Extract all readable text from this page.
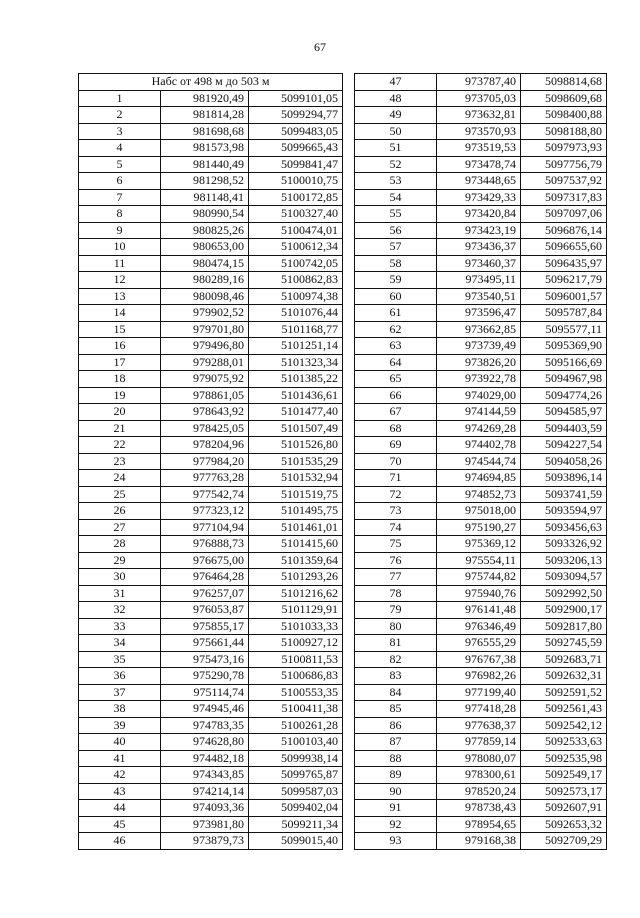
67
Набс от 498 м до 503 м		
1	981920,49	5099101,05
2	981814,28	5099294,77
3	981698,68	5099483,05
4	981573,98	5099665,43
5	981440,49	5099841,47
6	981298,52	5100010,75
7	981148,41	5100172,85
8	980990,54	5100327,40
9	980825,26	5100474,01
10	980653,00	5100612,34
11	980474,15	5100742,05
12	980289,16	5100862,83
13	980098,46	5100974,38
14	979902,52	5101076,44
15	979701,80	5101168,77
16	979496,80	5101251,14
17	979288,01	5101323,34
18	979075,92	5101385,22
19	978861,05	5101436,61
20	978643,92	5101477,40
21	978425,05	5101507,49
22	978204,96	5101526,80
23	977984,20	5101535,29
24	977763,28	5101532,94
25	977542,74	5101519,75
26	977323,12	5101495,75
27	977104,94	5101461,01
28	976888,73	5101415,60
29	976675,00	5101359,64
30	976464,28	5101293,26
31	976257,07	5101216,62
32	976053,87	5101129,91
33	975855,17	5101033,33
34	975661,44	5100927,12
35	975473,16	5100811,53
36	975290,78	5100686,83
37	975114,74	5100553,35
38	974945,46	5100411,38
39	974783,35	5100261,28
40	974628,80	5100103,40
41	974482,18	5099938,14
42	974343,85	5099765,87
43	974214,14	5099587,03
44	974093,36	5099402,04
45	973981,80	5099211,34
46	973879,73	5099015,40
47	973787,40	5098814,68
48	973705,03	5098609,68
49	973632,81	5098400,88
50	973570,93	5098188,80
51	973519,53	5097973,93
52	973478,74	5097756,79
53	973448,65	5097537,92
54	973429,33	5097317,83
55	973420,84	5097097,06
56	973423,19	5096876,14
57	973436,37	5096655,60
58	973460,37	5096435,97
59	973495,11	5096217,79
60	973540,51	5096001,57
61	973596,47	5095787,84
62	973662,85	5095577,11
63	973739,49	5095369,90
64	973826,20	5095166,69
65	973922,78	5094967,98
66	974029,00	5094774,26
67	974144,59	5094585,97
68	974269,28	5094403,59
69	974402,78	5094227,54
70	974544,74	5094058,26
71	974694,85	5093896,14
72	974852,73	5093741,59
73	975018,00	5093594,97
74	975190,27	5093456,63
75	975369,12	5093326,92
76	975554,11	5093206,13
77	975744,82	5093094,57
78	975940,76	5092992,50
79	976141,48	5092900,17
80	976346,49	5092817,80
81	976555,29	5092745,59
82	976767,38	5092683,71
83	976982,26	5092632,31
84	977199,40	5092591,52
85	977418,28	5092561,43
86	977638,37	5092542,12
87	977859,14	5092533,63
88	978080,07	5092535,98
89	978300,61	5092549,17
90	978520,24	5092573,17
91	978738,43	5092607,91
92	978954,65	5092653,32
93	979168,38	5092709,29
